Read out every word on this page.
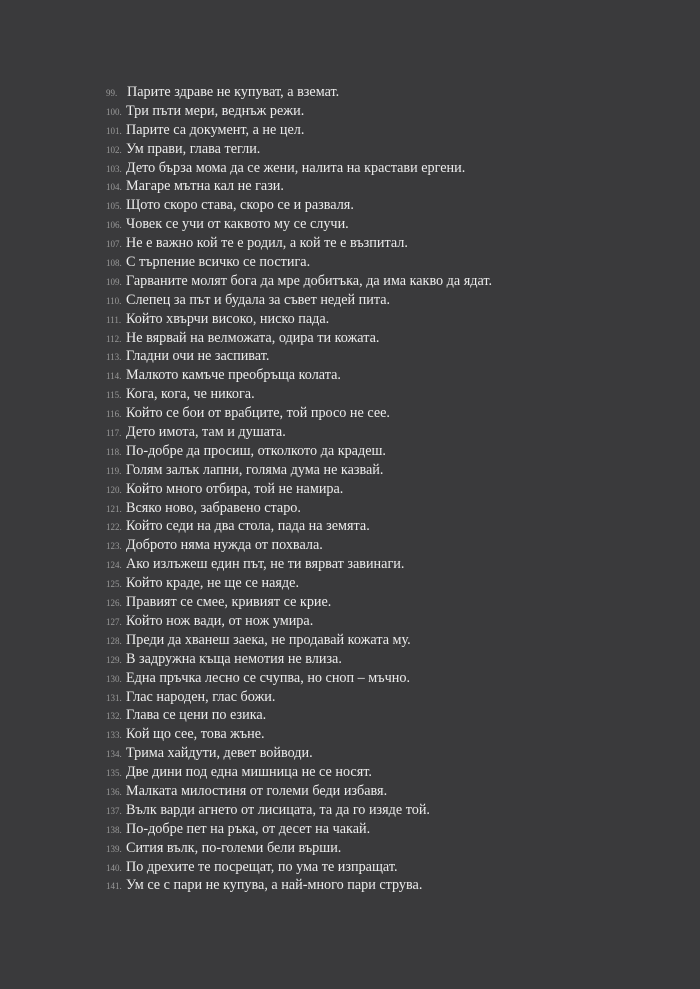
99. Парите здраве не купуват, а вземат.
100. Три пъти мери, веднъж режи.
101. Парите са документ, а не цел.
102. Ум прави, глава тегли.
103. Дето бърза мома да се жени, налита на крастави ергени.
104. Магаре мътна кал не гази.
105. Щото скоро става, скоро се и разваля.
106. Човек се учи от каквото му се случи.
107. Не е важно кой те е родил, а кой те е възпитал.
108. С търпение всичко се постига.
109. Гарваните молят бога да мре добитъка, да има какво да ядат.
110. Слепец за път и будала за съвет недей пита.
111. Който хвърчи високо, ниско пада.
112. Не вярвай на велможата, одира ти кожата.
113. Гладни очи не заспиват.
114. Малкото камъче преобръща колата.
115. Кога, кога, че никога.
116. Който се бои от врабците, той просо не сее.
117. Дето имота, там и душата.
118. По-добре да просиш, отколкото да крадеш.
119. Голям залък лапни, голяма дума не казвай.
120. Който много отбира, той не намира.
121. Всяко ново, забравено старо.
122. Който седи на два стола, пада на земята.
123. Доброто няма нужда от похвала.
124. Ако излъжеш един път, не ти вярват завинаги.
125. Който краде, не ще се наяде.
126. Правият се смее, кривият се крие.
127. Който нож вади, от нож умира.
128. Преди да хванеш заека, не продавай кожата му.
129. В задружна къща немотия не влиза.
130. Една пръчка лесно се счупва, но сноп – мъчно.
131. Глас народен, глас божи.
132. Глава се цени по езика.
133. Кой що сее, това жъне.
134. Трима хайдути, девет войводи.
135. Две дини под една мишница не се носят.
136. Малката милостиня от големи беди избавя.
137. Вълк варди агнето от лисицата, та да го изяде той.
138. По-добре пет на ръка, от десет на чакай.
139. Сития вълк, по-големи бели върши.
140. По дрехите те посрещат, по ума те изпращат.
141. Ум се с пари не купува, а най-много пари струва.
